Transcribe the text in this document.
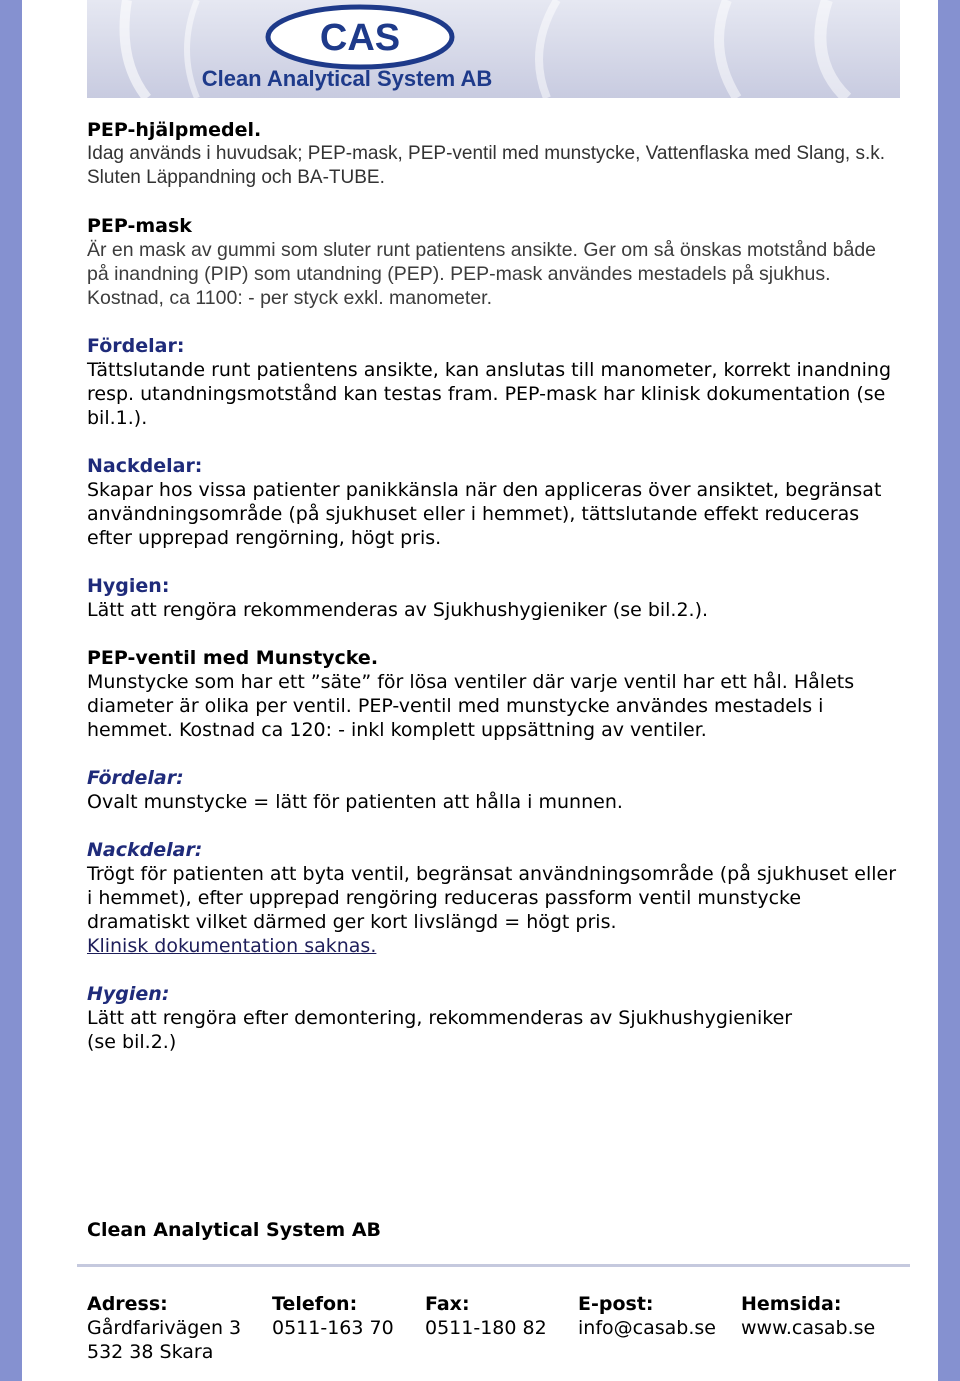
CAS
Clean Analytical System AB

PEP-hjälpmedel.

Idag används i huvudsak; PEP-mask, PEP-ventil med munstycke, Vattenflaska med Slang, s.k. Sluten Läppandning och BA-TUBE.

PEP-mask

Är en mask av gummi som sluter runt patientens ansikte. Ger om så önskas motstånd både på inandning (PIP) som utandning (PEP). PEP-mask användes mestadels på sjukhus. Kostnad, ca 1100: - per styck exkl. manometer.

Fördelar:

Tättslutande runt patientens ansikte, kan anslutas till manometer, korrekt inandning resp. utandningsmotstånd kan testas fram. PEP-mask har klinisk dokumentation (se bil.1.).

Nackdelar:

Skapar hos vissa patienter panikkänsla när den appliceras över ansiktet, begränsat användningsområde (på sjukhuset eller i hemmet), tättslutande effekt reduceras efter upprepad rengörning, högt pris.

Hygien:

Lätt att rengöra rekommenderas av Sjukhushygieniker (se bil.2.).

PEP-ventil med Munstycke.

Munstycke som har ett ”säte” för lösa ventiler där varje ventil har ett hål. Hålets diameter är olika per ventil. PEP-ventil med munstycke användes mestadels i hemmet. Kostnad ca 120: - inkl komplett uppsättning av ventiler.

Fördelar:

Ovalt munstycke = lätt för patienten att hålla i munnen.

Nackdelar:

Trögt för patienten att byta ventil, begränsat användningsområde (på sjukhuset eller i hemmet), efter upprepad rengöring reduceras passform ventil munstycke dramatiskt vilket därmed ger kort livslängd = högt pris.

Klinisk dokumentation saknas.

Hygien:

Lätt att rengöra efter demontering, rekommenderas av Sjukhushygieniker

(se bil.2.)

Clean Analytical System AB
Adress:
Gårdfarivägen 3
532 38 Skara
Telefon:
0511-163 70
Fax:
0511-180 82
E-post:
info@casab.se
Hemsida:
www.casab.se
